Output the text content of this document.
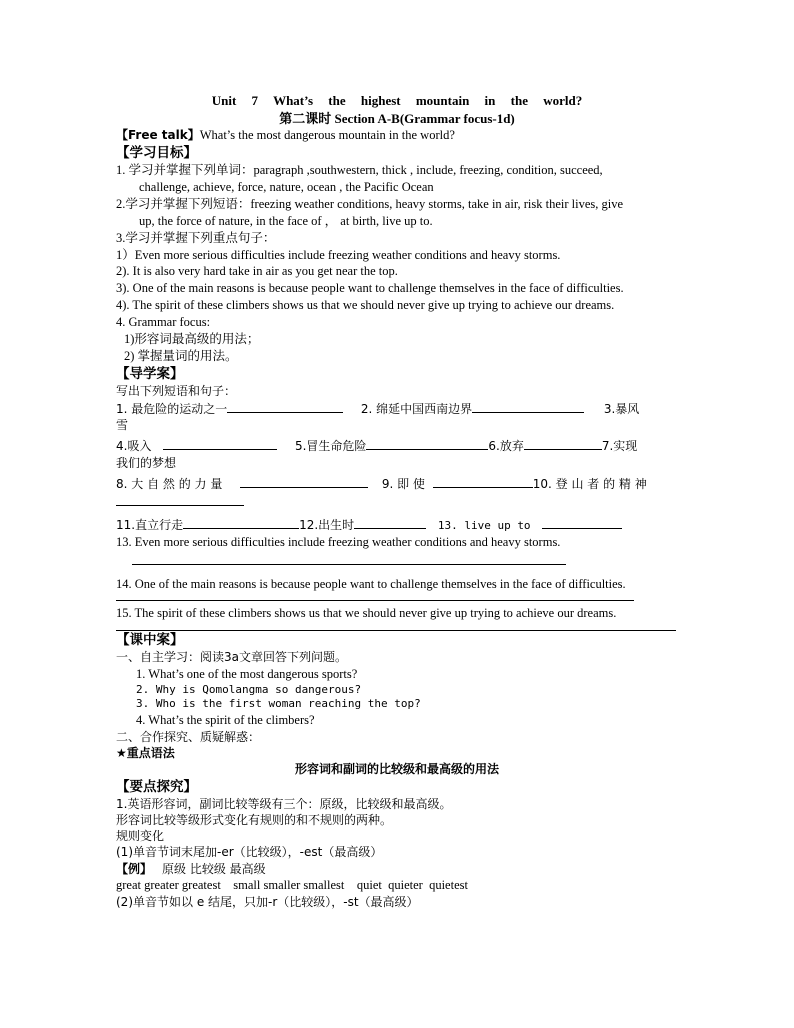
Unit 7 What’s the highest mountain in the world?
第二课时 Section A-B(Grammar focus-1d)
【Free talk】What’s the most dangerous mountain in the world?
【学习目标】
1. 学习并掌握下列单词：paragraph ,southwestern, thick , include, freezing, condition, succeed,
challenge, achieve, force, nature, ocean , the Pacific Ocean
2.学习并掌握下列短语：freezing weather conditions, heavy storms, take in air, risk their lives, give
up, the force of nature, in the face of ， at birth, live up to.
3.学习并掌握下列重点句子：
1）Even more serious difficulties include freezing weather conditions and heavy storms.
2). It is also very hard take in air as you get near the top.
3). One of the main reasons is because people want to challenge themselves in the face of difficulties.
4). The spirit of these climbers shows us that we should never give up trying to achieve our dreams.
4. Grammar focus:
1)形容词最高级的用法；
2) 掌握量词的用法。
【导学案】
写出下列短语和句子：
1. 最危险的运动之一	2. 绵延中国西南边界	3.暴风
雪
4.吸入	5.冒生命危险	6.放弃	7.实现
我们的梦想
8. 大 自 然 的 力 量	9. 即 使	10. 登 山 者 的 精 神
11.直立行走	12.出生时	13. live up to
13. Even more serious difficulties include freezing weather conditions and heavy storms.
14. One of the main reasons is because people want to challenge themselves in the face of difficulties.
15. The spirit of these climbers shows us that we should never give up trying to achieve our dreams.
【课中案】
一、自主学习：阅读3a文章回答下列问题。
1. What’s one of the most dangerous sports?
2. Why is Qomolangma so dangerous?
3. Who is the first woman reaching the top?
4. What’s the spirit of the climbers?
二、合作探究、质疑解惑：
★重点语法
形容词和副词的比较级和最高级的用法
【要点探究】
1.英语形容词，副词比较等级有三个：原级，比较级和最高级。
形容词比较等级形式变化有规则的和不规则的两种。
规则变化
(1)单音节词末尾加-er（比较级），-est（最高级）
【例】 原级 比较级 最高级
great greater greatest    small smaller smallest    quiet  quieter  quietest
(2)单音节如以 e 结尾，只加-r（比较级），-st（最高级）
